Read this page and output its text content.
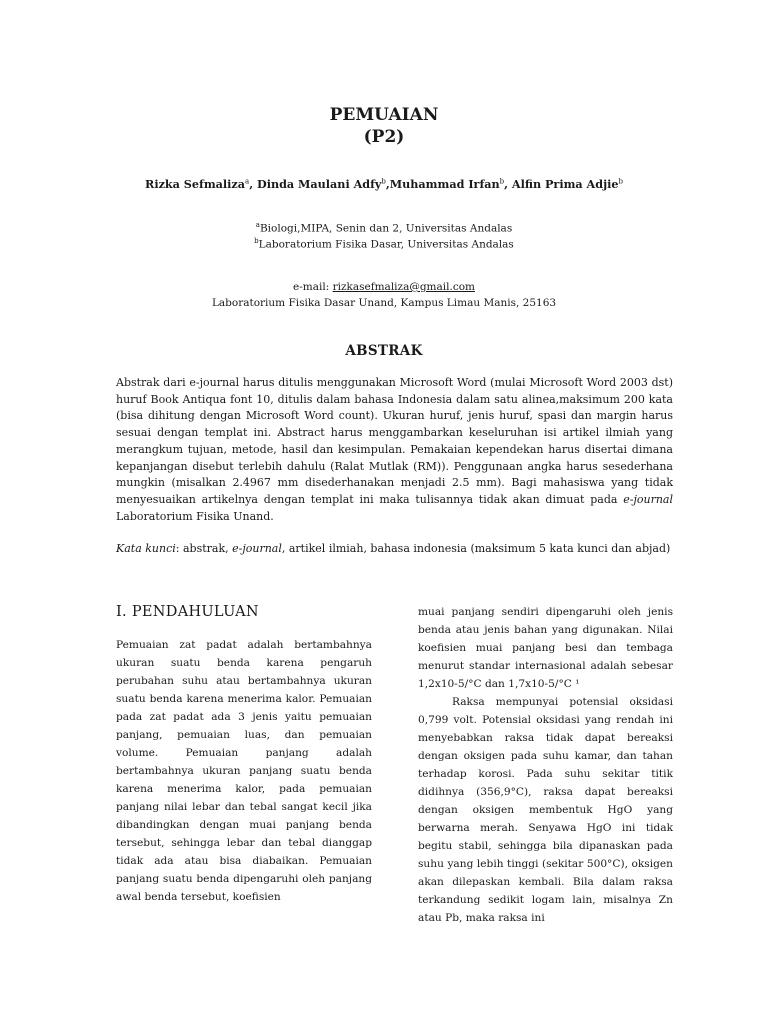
PEMUAIAN
(P2)
Rizka Sefmaliza$^a$, Dinda Maulani Adfy$^b$,Muhammad Irfan$^b$, Alfin Prima Adjie$^b$
$^a$Biologi,MIPA, Senin dan 2, Universitas Andalas
$^b$Laboratorium Fisika Dasar, Universitas Andalas
e-mail: rizkasefmaliza@gmail.com
Laboratorium Fisika Dasar Unand, Kampus Limau Manis, 25163
ABSTRAK
Abstrak dari e-journal harus ditulis menggunakan Microsoft Word (mulai Microsoft Word 2003 dst) huruf Book Antiqua font 10, ditulis dalam bahasa Indonesia dalam satu alinea,maksimum 200 kata (bisa dihitung dengan Microsoft Word count). Ukuran huruf, jenis huruf, spasi dan margin harus sesuai dengan templat ini. Abstract harus menggambarkan keseluruhan isi artikel ilmiah yang merangkum tujuan, metode, hasil dan kesimpulan. Pemakaian kependekan harus disertai dimana kepanjangan disebut terlebih dahulu (Ralat Mutlak (RM)). Penggunaan angka harus sesederhana mungkin (misalkan 2.4967 mm disederhanakan menjadi 2.5 mm). Bagi mahasiswa yang tidak menyesuaikan artikelnya dengan templat ini maka tulisannya tidak akan dimuat pada e-journal Laboratorium Fisika Unand.
Kata kunci: abstrak, e-journal, artikel ilmiah, bahasa indonesia (maksimum 5 kata kunci dan abjad)
I. PENDAHULUAN

Pemuaian zat padat adalah bertambahnya ukuran suatu benda karena pengaruh perubahan suhu atau bertambahnya ukuran suatu benda karena menerima kalor. Pemuaian pada zat padat ada 3 jenis yaitu pemuaian panjang, pemuaian luas, dan pemuaian volume. Pemuaian panjang adalah bertambahnya ukuran panjang suatu benda karena menerima kalor, pada pemuaian panjang nilai lebar dan tebal sangat kecil jika dibandingkan dengan muai panjang benda tersebut, sehingga lebar dan tebal dianggap tidak ada atau bisa diabaikan. Pemuaian panjang suatu benda dipengaruhi oleh panjang awal benda tersebut, koefisien

muai panjang sendiri dipengaruhi oleh jenis benda atau jenis bahan yang digunakan. Nilai koefisien muai panjang besi dan tembaga menurut standar internasional adalah sebesar 1,2x10-5/°C dan 1,7x10-5/°C ¹

Raksa mempunyai potensial oksidasi 0,799 volt. Potensial oksidasi yang rendah ini menyebabkan raksa tidak dapat bereaksi dengan oksigen pada suhu kamar, dan tahan terhadap korosi. Pada suhu sekitar titik didihnya (356,9°C), raksa dapat bereaksi dengan oksigen membentuk HgO yang berwarna merah. Senyawa HgO ini tidak begitu stabil, sehingga bila dipanaskan pada suhu yang lebih tinggi (sekitar 500°C), oksigen akan dilepaskan kembali. Bila dalam raksa terkandung sedikit logam lain, misalnya Zn atau Pb, maka raksa ini
